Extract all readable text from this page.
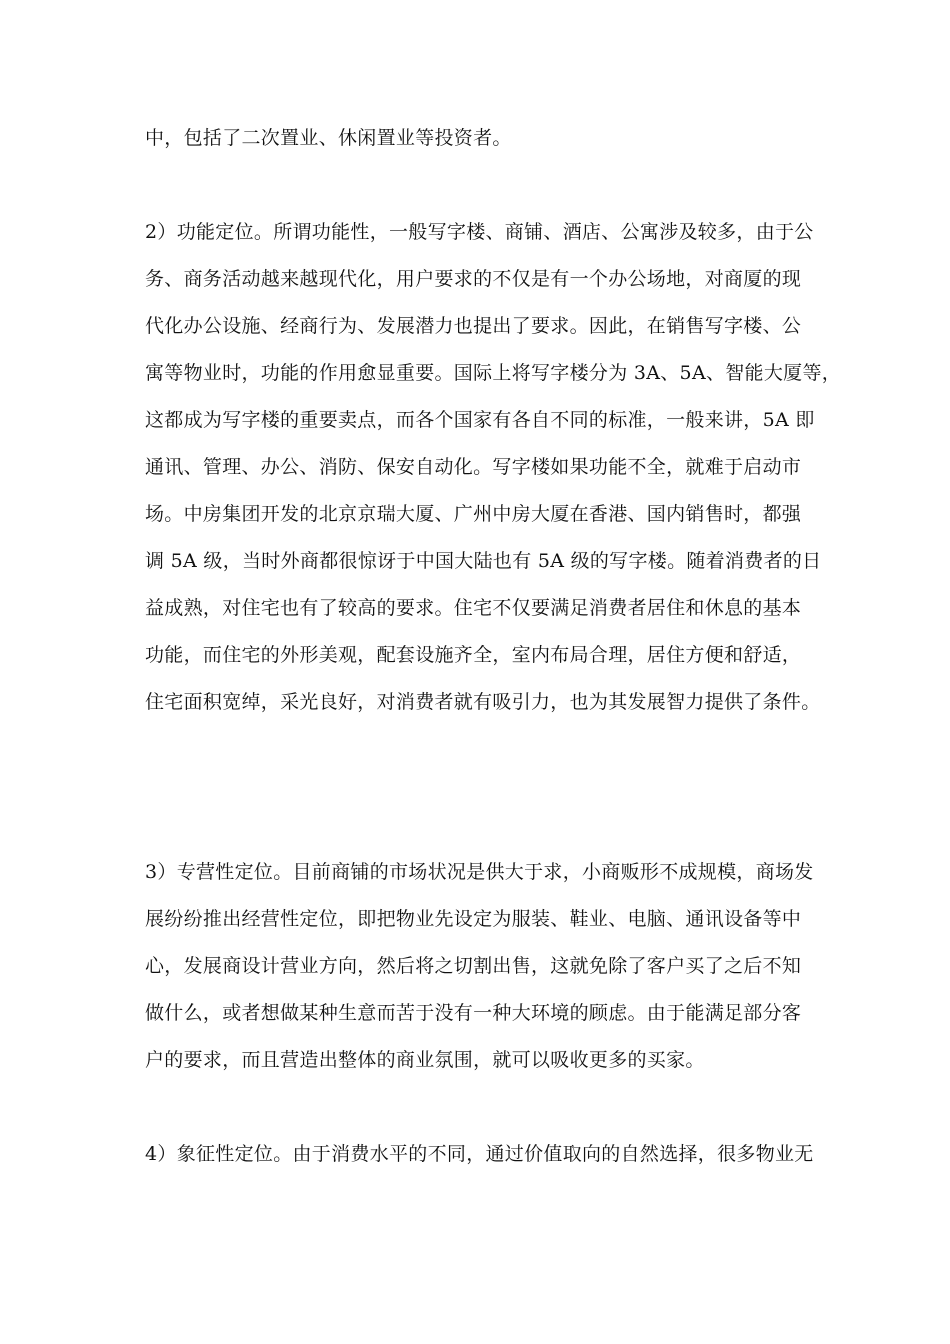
中，包括了二次置业、休闲置业等投资者。
2）功能定位。所谓功能性，一般写字楼、商铺、酒店、公寓涉及较多，由于公
务、商务活动越来越现代化，用户要求的不仅是有一个办公场地，对商厦的现
代化办公设施、经商行为、发展潜力也提出了要求。因此，在销售写字楼、公
寓等物业时，功能的作用愈显重要。国际上将写字楼分为 3A、5A、智能大厦等，
这都成为写字楼的重要卖点，而各个国家有各自不同的标准，一般来讲，5A 即
通讯、管理、办公、消防、保安自动化。写字楼如果功能不全，就难于启动市
场。中房集团开发的北京京瑞大厦、广州中房大厦在香港、国内销售时，都强
调 5A 级，当时外商都很惊讶于中国大陆也有 5A 级的写字楼。随着消费者的日
益成熟，对住宅也有了较高的要求。住宅不仅要满足消费者居住和休息的基本
功能，而住宅的外形美观，配套设施齐全，室内布局合理，居住方便和舒适，
住宅面积宽绰，采光良好，对消费者就有吸引力，也为其发展智力提供了条件。
3）专营性定位。目前商铺的市场状况是供大于求，小商贩形不成规模，商场发
展纷纷推出经营性定位，即把物业先设定为服装、鞋业、电脑、通讯设备等中
心，发展商设计营业方向，然后将之切割出售，这就免除了客户买了之后不知
做什么，或者想做某种生意而苦于没有一种大环境的顾虑。由于能满足部分客
户的要求，而且营造出整体的商业氛围，就可以吸收更多的买家。
4）象征性定位。由于消费水平的不同，通过价值取向的自然选择，很多物业无
